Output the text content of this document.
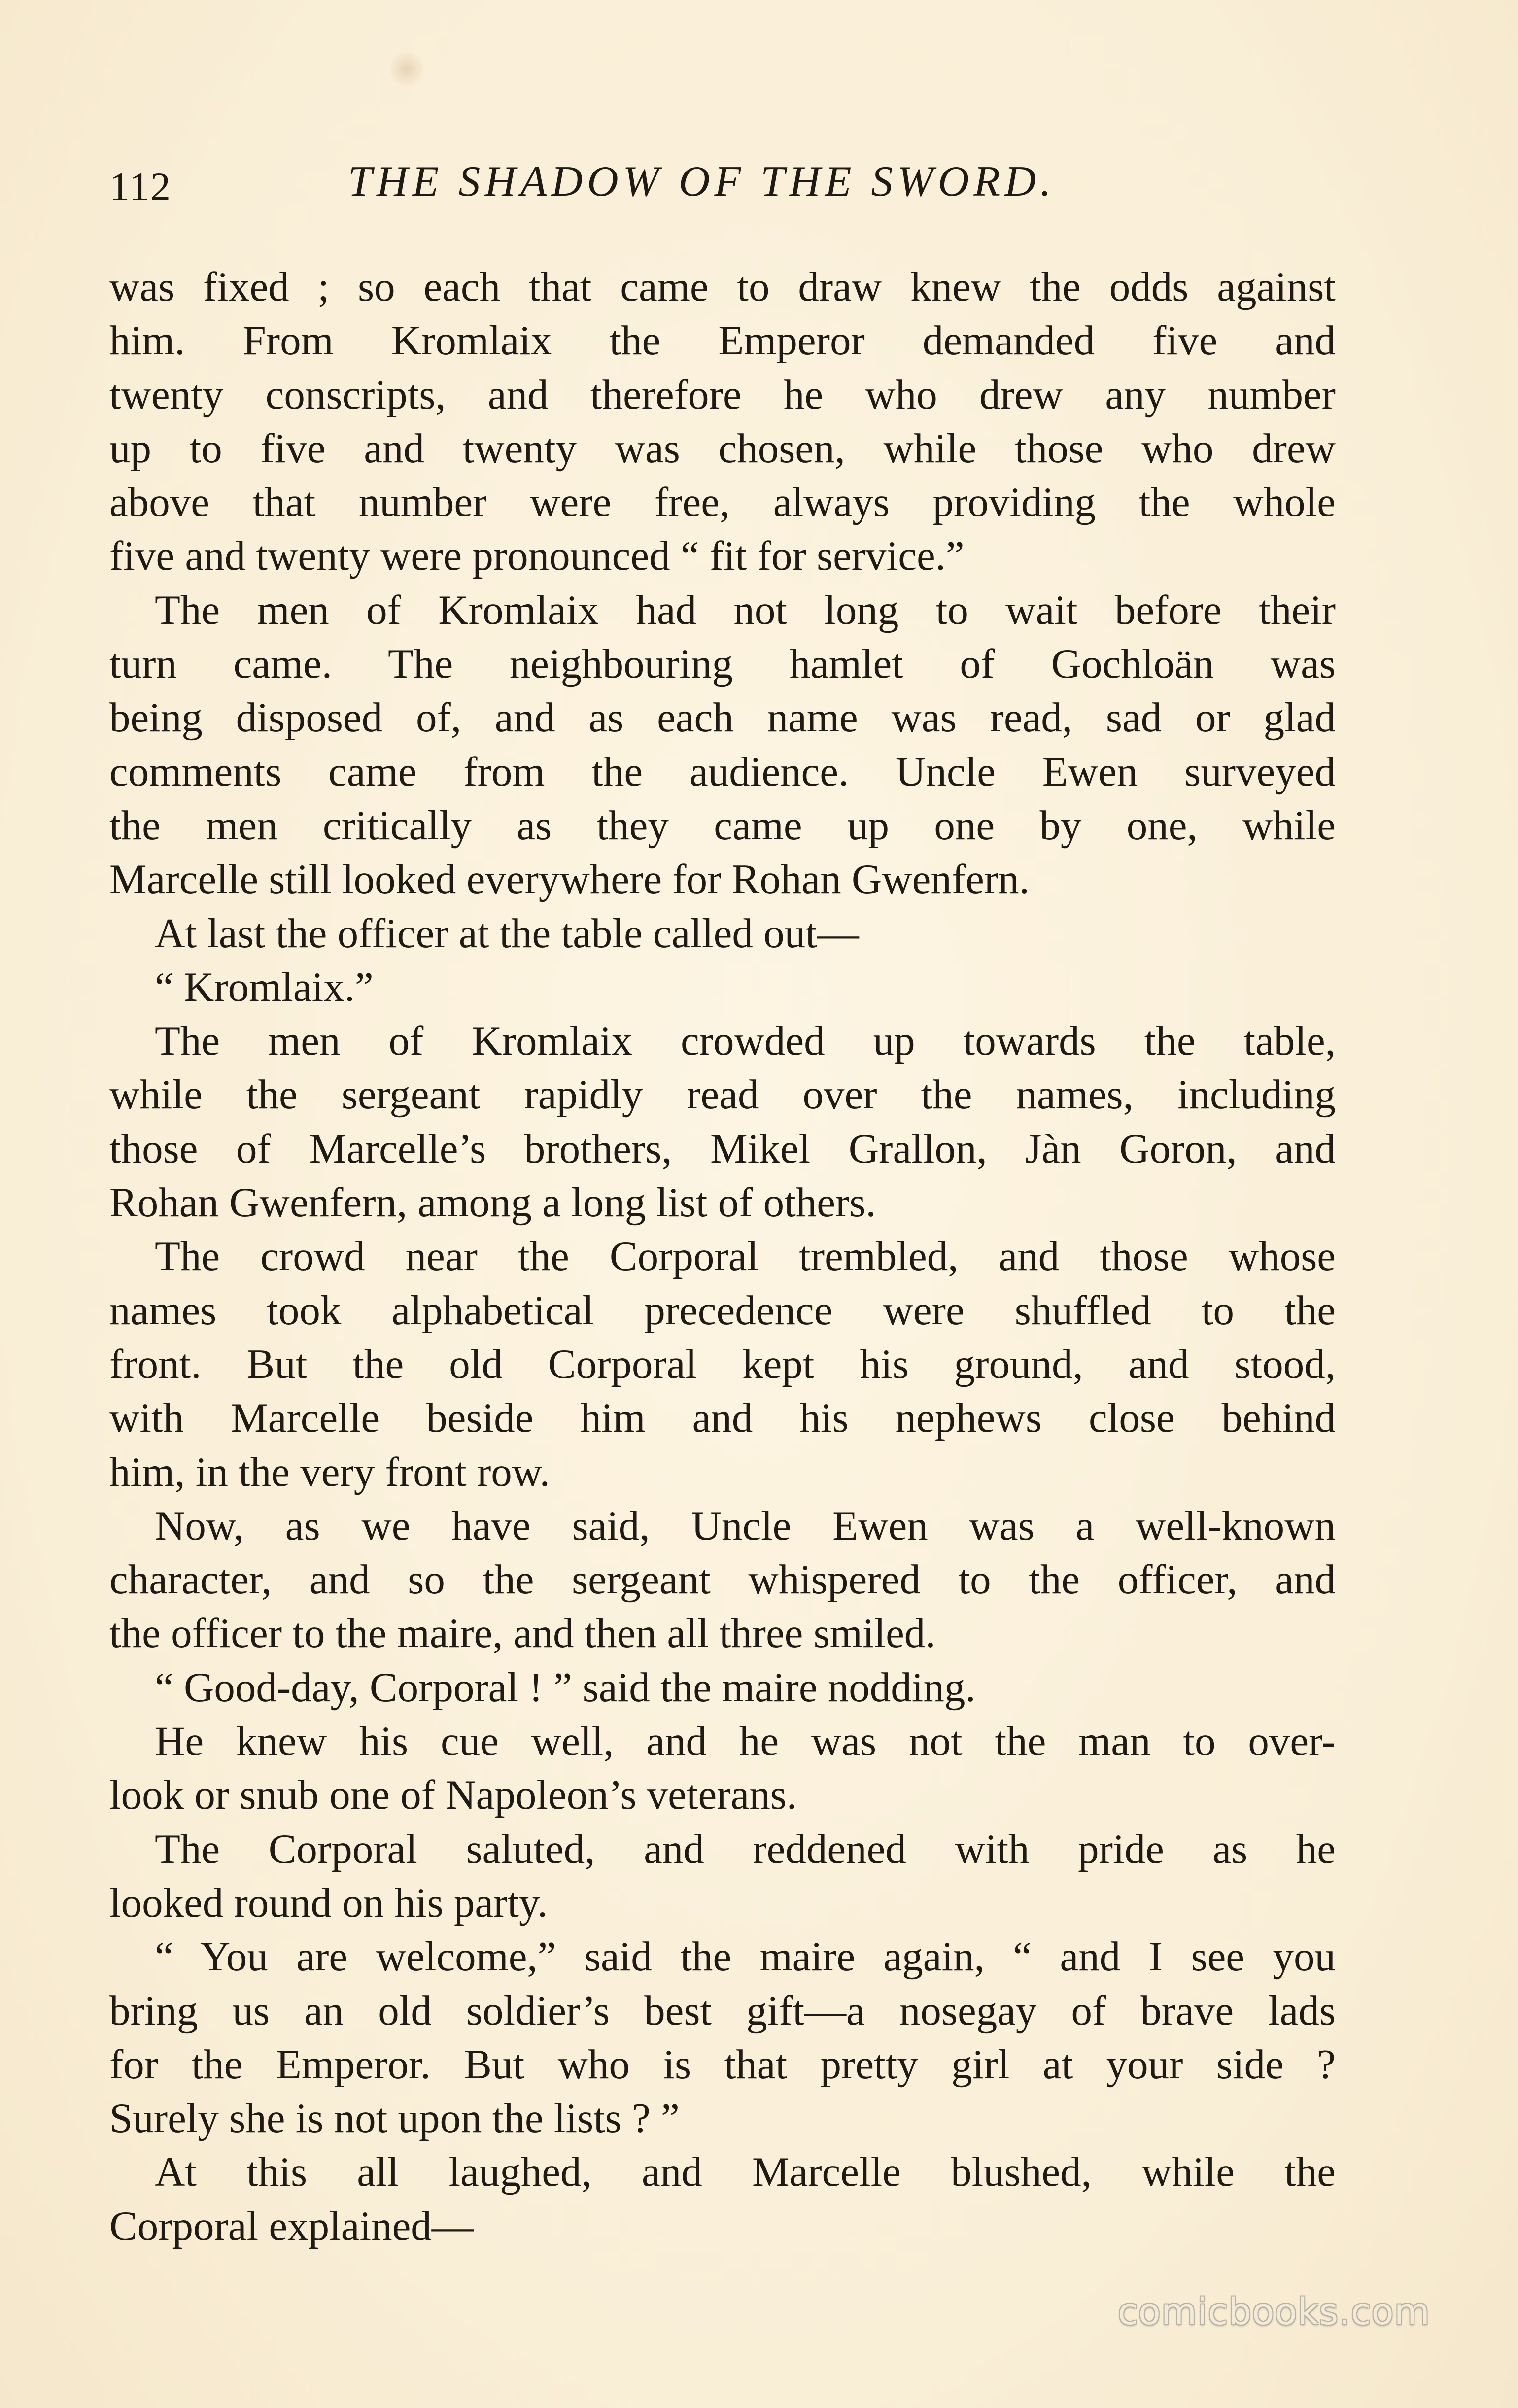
112	THE SHADOW OF THE SWORD.
was fixed ; so each that came to draw knew the odds against
him. From Kromlaix the Emperor demanded five and
twenty conscripts, and therefore he who drew any number
up to five and twenty was chosen, while those who drew
above that number were free, always providing the whole
five and twenty were pronounced “ fit for service.”
The men of Kromlaix had not long to wait before their
turn came. The neighbouring hamlet of Gochloän was
being disposed of, and as each name was read, sad or glad
comments came from the audience. Uncle Ewen surveyed
the men critically as they came up one by one, while
Marcelle still looked everywhere for Rohan Gwenfern.
At last the officer at the table called out—
“ Kromlaix.”
The men of Kromlaix crowded up towards the table,
while the sergeant rapidly read over the names, including
those of Marcelle’s brothers, Mikel Grallon, Jàn Goron, and
Rohan Gwenfern, among a long list of others.
The crowd near the Corporal trembled, and those whose
names took alphabetical precedence were shuffled to the
front. But the old Corporal kept his ground, and stood,
with Marcelle beside him and his nephews close behind
him, in the very front row.
Now, as we have said, Uncle Ewen was a well-known
character, and so the sergeant whispered to the officer, and
the officer to the maire, and then all three smiled.
“ Good-day, Corporal ! ” said the maire nodding.
He knew his cue well, and he was not the man to over-
look or snub one of Napoleon’s veterans.
The Corporal saluted, and reddened with pride as he
looked round on his party.
“ You are welcome,” said the maire again, “ and I see you
bring us an old soldier’s best gift—a nosegay of brave lads
for the Emperor. But who is that pretty girl at your side ?
Surely she is not upon the lists ? ”
At this all laughed, and Marcelle blushed, while the
Corporal explained—
comicbooks.com
